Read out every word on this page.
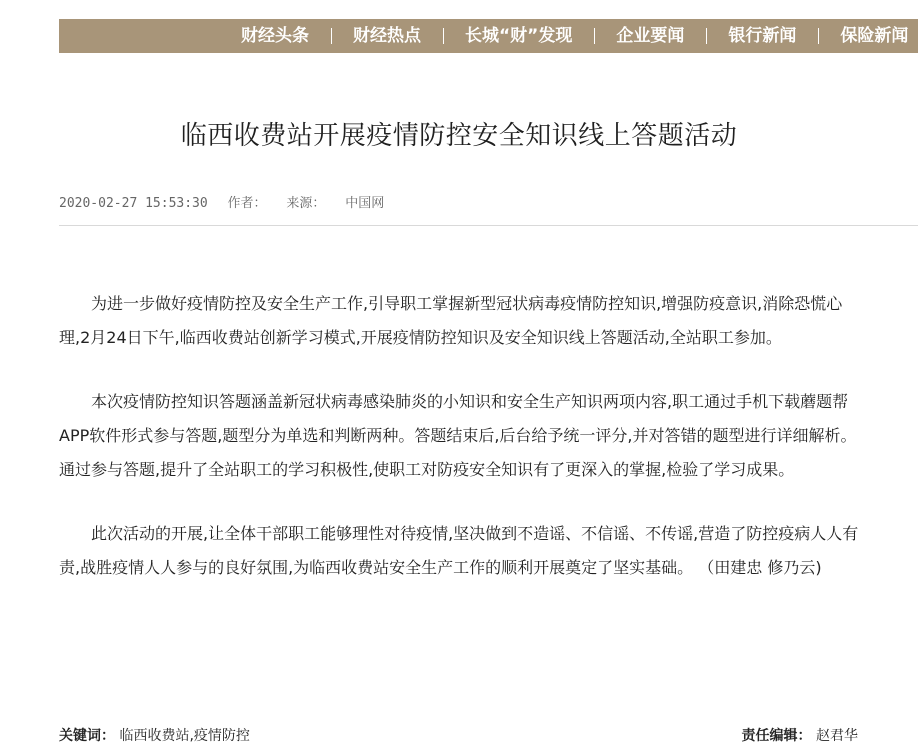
财经头条	财经热点	长城“财”发现	企业要闻	银行新闻	保险新闻
临西收费站开展疫情防控安全知识线上答题活动
2020-02-27 15:53:30 作者： 来源： 中国网

为进一步做好疫情防控及安全生产工作,引导职工掌握新型冠状病毒疫情防控知识,增强防疫意识,消除恐慌心理,2月24日下午,临西收费站创新学习模式,开展疫情防控知识及安全知识线上答题活动,全站职工参加。

本次疫情防控知识答题涵盖新冠状病毒感染肺炎的小知识和安全生产知识两项内容,职工通过手机下载蘑题帮APP软件形式参与答题,题型分为单选和判断两种。答题结束后,后台给予统一评分,并对答错的题型进行详细解析。通过参与答题,提升了全站职工的学习积极性,使职工对防疫安全知识有了更深入的掌握,检验了学习成果。

此次活动的开展,让全体干部职工能够理性对待疫情,坚决做到不造谣、不信谣、不传谣,营造了防控疫病人人有责,战胜疫情人人参与的良好氛围,为临西收费站安全生产工作的顺利开展奠定了坚实基础。 （田建忠 修乃云)

关键词： 临西收费站,疫情防控	责任编辑： 赵君华
